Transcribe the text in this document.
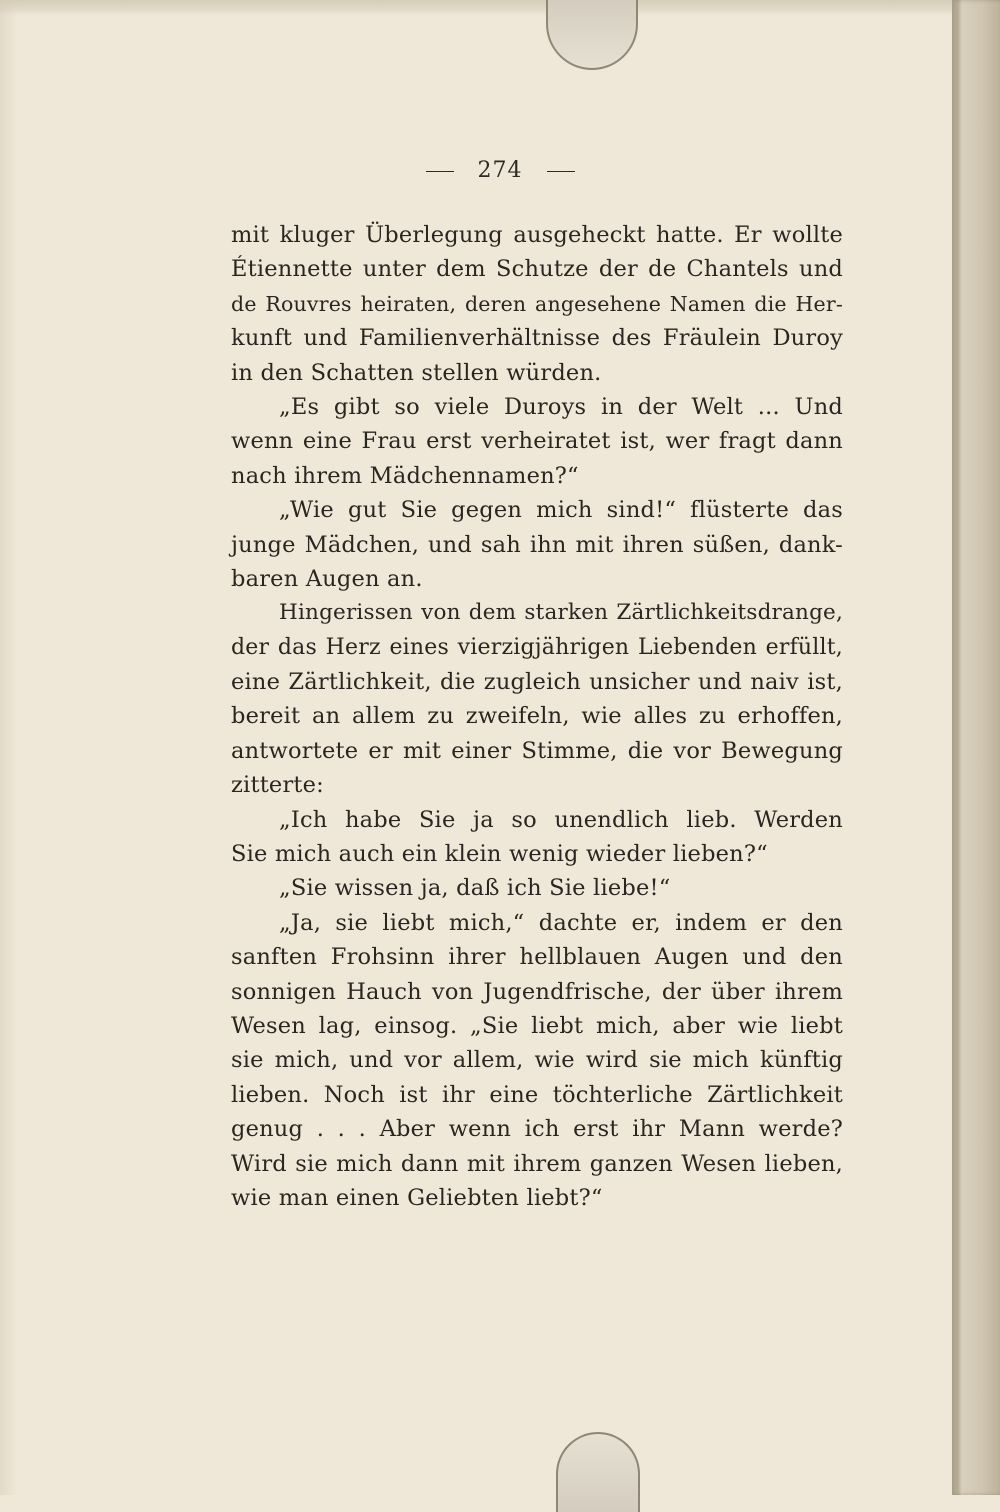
274
mit kluger Überlegung ausgeheckt hatte. Er wollte
Étiennette unter dem Schutze der de Chantels und
de Rouvres heiraten, deren angesehene Namen die Her-
kunft und Familienverhältnisse des Fräulein Duroy
in den Schatten stellen würden.
„Es gibt so viele Duroys in der Welt ... Und
wenn eine Frau erst verheiratet ist, wer fragt dann
nach ihrem Mädchennamen?“
„Wie gut Sie gegen mich sind!“ flüsterte das
junge Mädchen, und sah ihn mit ihren süßen, dank-
baren Augen an.
Hingerissen von dem starken Zärtlichkeitsdrange,
der das Herz eines vierzigjährigen Liebenden erfüllt,
eine Zärtlichkeit, die zugleich unsicher und naiv ist,
bereit an allem zu zweifeln, wie alles zu erhoffen,
antwortete er mit einer Stimme, die vor Bewegung
zitterte:
„Ich habe Sie ja so unendlich lieb. Werden
Sie mich auch ein klein wenig wieder lieben?“
„Sie wissen ja, daß ich Sie liebe!“
„Ja, sie liebt mich,“ dachte er, indem er den
sanften Frohsinn ihrer hellblauen Augen und den
sonnigen Hauch von Jugendfrische, der über ihrem
Wesen lag, einsog. „Sie liebt mich, aber wie liebt
sie mich, und vor allem, wie wird sie mich künftig
lieben. Noch ist ihr eine töchterliche Zärtlichkeit
genug . . . Aber wenn ich erst ihr Mann werde?
Wird sie mich dann mit ihrem ganzen Wesen lieben,
wie man einen Geliebten liebt?“
